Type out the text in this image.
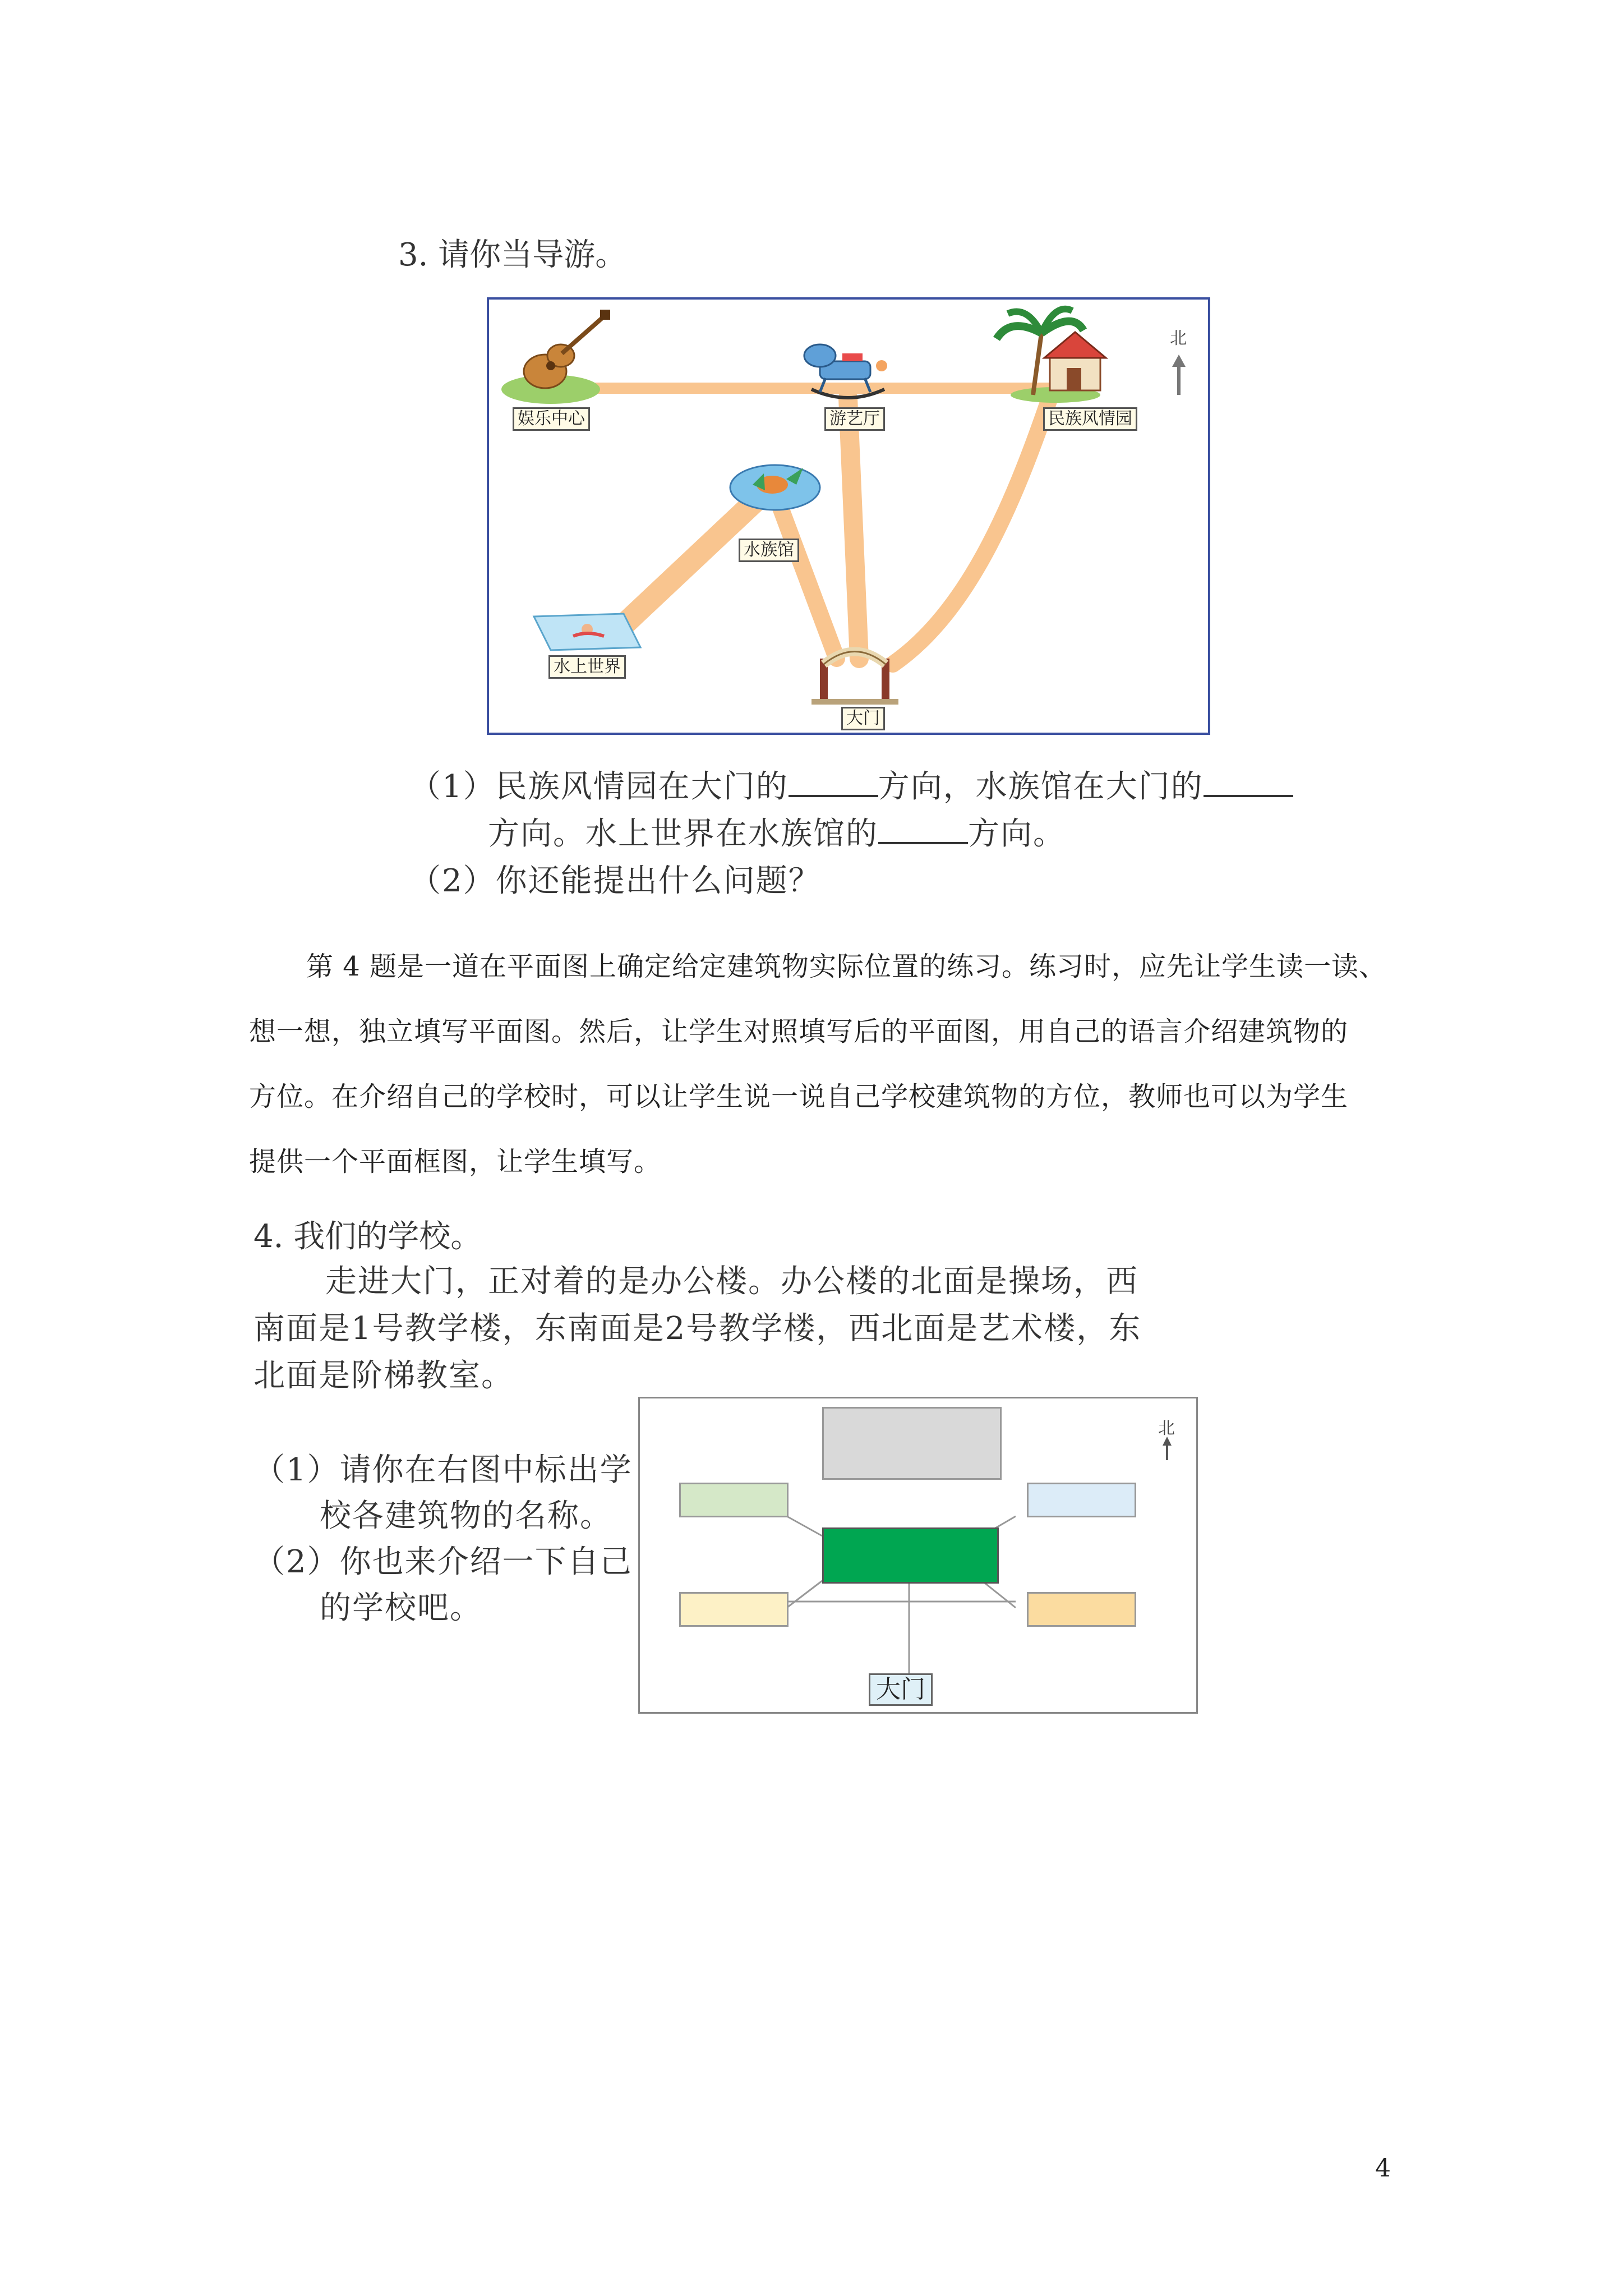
3. 请你当导游。
北
娱乐中心	游艺厅	民族风情园
水族馆
水上世界
大门
（1）民族风情园在大门的	方向，水族馆在大门的
方向。水上世界在水族馆的	方向。
（2）你还能提出什么问题？
第 4 题是一道在平面图上确定给定建筑物实际位置的练习。练习时，应先让学生读一读、
想一想，独立填写平面图。然后，让学生对照填写后的平面图，用自己的语言介绍建筑物的
方位。在介绍自己的学校时，可以让学生说一说自己学校建筑物的方位，教师也可以为学生
提供一个平面框图，让学生填写。
4. 我们的学校。
走进大门，正对着的是办公楼。办公楼的北面是操场，西
南面是1号教学楼，东南面是2号教学楼，西北面是艺术楼，东
北面是阶梯教室。
（1）请你在右图中标出学
校各建筑物的名称。
（2）你也来介绍一下自己
的学校吧。
北
大门
4
